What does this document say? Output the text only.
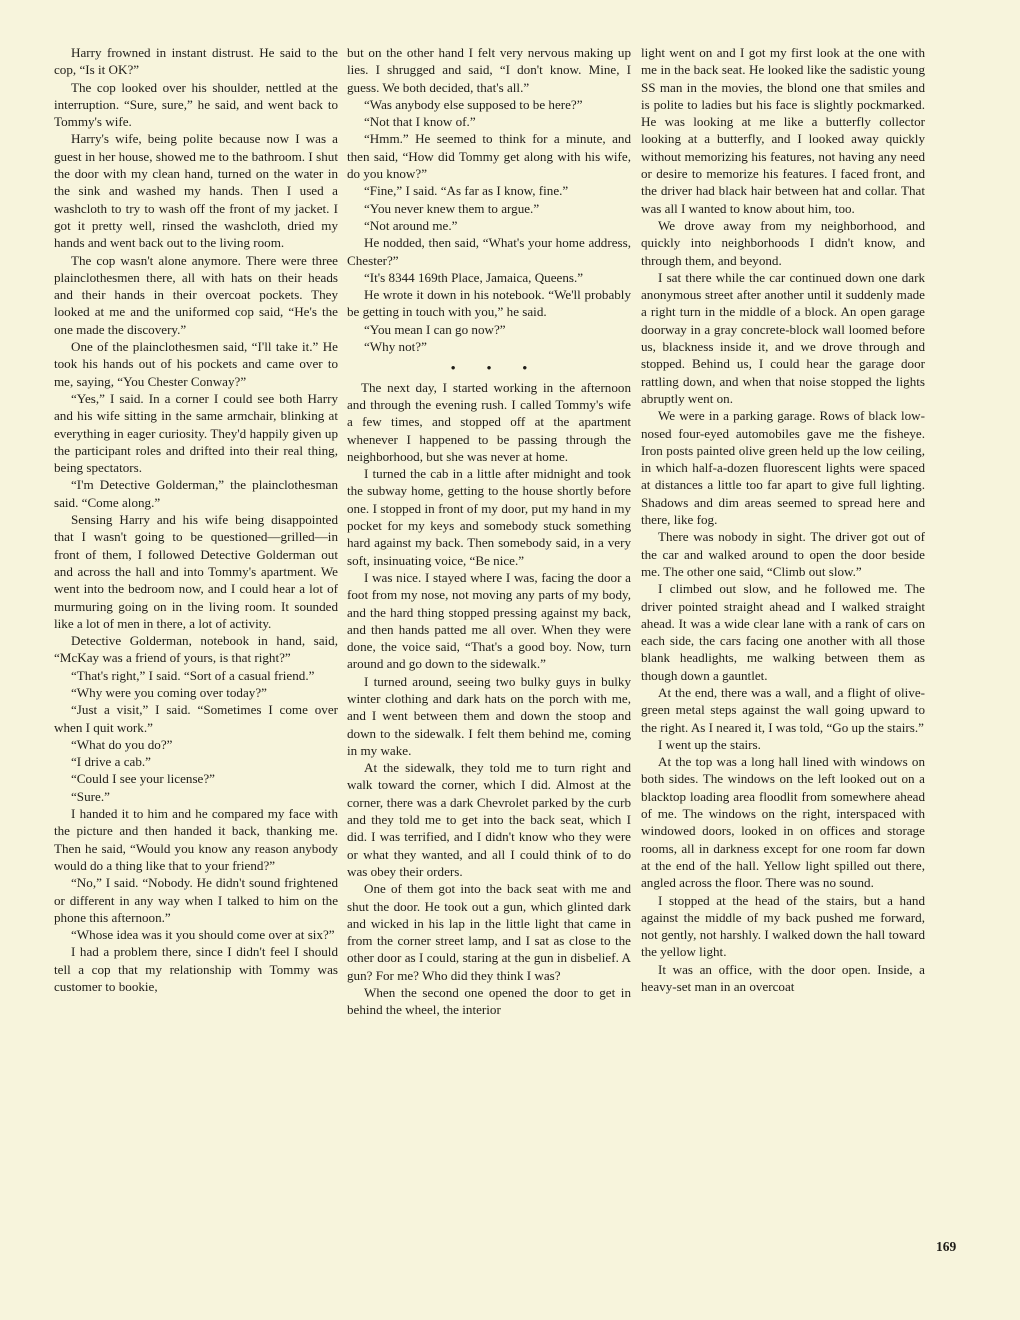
Harry frowned in instant distrust. He said to the cop, “Is it OK?”

The cop looked over his shoulder, nettled at the interruption. “Sure, sure,” he said, and went back to Tommy's wife.

Harry's wife, being polite because now I was a guest in her house, showed me to the bathroom. I shut the door with my clean hand, turned on the water in the sink and washed my hands. Then I used a washcloth to try to wash off the front of my jacket. I got it pretty well, rinsed the washcloth, dried my hands and went back out to the living room.

The cop wasn't alone anymore. There were three plainclothesmen there, all with hats on their heads and their hands in their overcoat pockets. They looked at me and the uniformed cop said, “He's the one made the discovery.”

One of the plainclothesmen said, “I'll take it.” He took his hands out of his pockets and came over to me, saying, “You Chester Conway?”

“Yes,” I said. In a corner I could see both Harry and his wife sitting in the same armchair, blinking at everything in eager curiosity. They'd happily given up the participant roles and drifted into their real thing, being spectators.

“I'm Detective Golderman,” the plainclothesman said. “Come along.”

Sensing Harry and his wife being disappointed that I wasn't going to be questioned—grilled—in front of them, I followed Detective Golderman out and across the hall and into Tommy's apartment. We went into the bedroom now, and I could hear a lot of murmuring going on in the living room. It sounded like a lot of men in there, a lot of activity.

Detective Golderman, notebook in hand, said, “McKay was a friend of yours, is that right?”

“That's right,” I said. “Sort of a casual friend.”

“Why were you coming over today?”

“Just a visit,” I said. “Sometimes I come over when I quit work.”

“What do you do?”

“I drive a cab.”

“Could I see your license?”

“Sure.”

I handed it to him and he compared my face with the picture and then handed it back, thanking me. Then he said, “Would you know any reason anybody would do a thing like that to your friend?”

“No,” I said. “Nobody. He didn't sound frightened or different in any way when I talked to him on the phone this afternoon.”

“Whose idea was it you should come over at six?”

I had a problem there, since I didn't feel I should tell a cop that my relationship with Tommy was customer to bookie,

but on the other hand I felt very nervous making up lies. I shrugged and said, “I don't know. Mine, I guess. We both decided, that's all.”

“Was anybody else supposed to be here?”

“Not that I know of.”

“Hmm.” He seemed to think for a minute, and then said, “How did Tommy get along with his wife, do you know?”

“Fine,” I said. “As far as I know, fine.”

“You never knew them to argue.”

“Not around me.”

He nodded, then said, “What's your home address, Chester?”

“It's 8344 169th Place, Jamaica, Queens.”

He wrote it down in his notebook. “We'll probably be getting in touch with you,” he said.

“You mean I can go now?”

“Why not?”

• • •

The next day, I started working in the afternoon and through the evening rush. I called Tommy's wife a few times, and stopped off at the apartment whenever I happened to be passing through the neighborhood, but she was never at home.

I turned the cab in a little after midnight and took the subway home, getting to the house shortly before one. I stopped in front of my door, put my hand in my pocket for my keys and somebody stuck something hard against my back. Then somebody said, in a very soft, insinuating voice, “Be nice.”

I was nice. I stayed where I was, facing the door a foot from my nose, not moving any parts of my body, and the hard thing stopped pressing against my back, and then hands patted me all over. When they were done, the voice said, “That's a good boy. Now, turn around and go down to the sidewalk.”

I turned around, seeing two bulky guys in bulky winter clothing and dark hats on the porch with me, and I went between them and down the stoop and down to the sidewalk. I felt them behind me, coming in my wake.

At the sidewalk, they told me to turn right and walk toward the corner, which I did. Almost at the corner, there was a dark Chevrolet parked by the curb and they told me to get into the back seat, which I did. I was terrified, and I didn't know who they were or what they wanted, and all I could think of to do was obey their orders.

One of them got into the back seat with me and shut the door. He took out a gun, which glinted dark and wicked in his lap in the little light that came in from the corner street lamp, and I sat as close to the other door as I could, staring at the gun in disbelief. A gun? For me? Who did they think I was?

When the second one opened the door to get in behind the wheel, the interior

light went on and I got my first look at the one with me in the back seat. He looked like the sadistic young SS man in the movies, the blond one that smiles and is polite to ladies but his face is slightly pockmarked. He was looking at me like a butterfly collector looking at a butterfly, and I looked away quickly without memorizing his features, not having any need or desire to memorize his features. I faced front, and the driver had black hair between hat and collar. That was all I wanted to know about him, too.

We drove away from my neighborhood, and quickly into neighborhoods I didn't know, and through them, and beyond.

I sat there while the car continued down one dark anonymous street after another until it suddenly made a right turn in the middle of a block. An open garage doorway in a gray concrete-block wall loomed before us, blackness inside it, and we drove through and stopped. Behind us, I could hear the garage door rattling down, and when that noise stopped the lights abruptly went on.

We were in a parking garage. Rows of black low-nosed four-eyed automobiles gave me the fisheye. Iron posts painted olive green held up the low ceiling, in which half-a-dozen fluorescent lights were spaced at distances a little too far apart to give full lighting. Shadows and dim areas seemed to spread here and there, like fog.

There was nobody in sight. The driver got out of the car and walked around to open the door beside me. The other one said, “Climb out slow.”

I climbed out slow, and he followed me. The driver pointed straight ahead and I walked straight ahead. It was a wide clear lane with a rank of cars on each side, the cars facing one another with all those blank headlights, me walking between them as though down a gauntlet.

At the end, there was a wall, and a flight of olive-green metal steps against the wall going upward to the right. As I neared it, I was told, “Go up the stairs.”

I went up the stairs.

At the top was a long hall lined with windows on both sides. The windows on the left looked out on a blacktop loading area floodlit from somewhere ahead of me. The windows on the right, interspaced with windowed doors, looked in on offices and storage rooms, all in darkness except for one room far down at the end of the hall. Yellow light spilled out there, angled across the floor. There was no sound.

I stopped at the head of the stairs, but a hand against the middle of my back pushed me forward, not gently, not harshly. I walked down the hall toward the yellow light.

It was an office, with the door open. Inside, a heavy-set man in an overcoat

169
